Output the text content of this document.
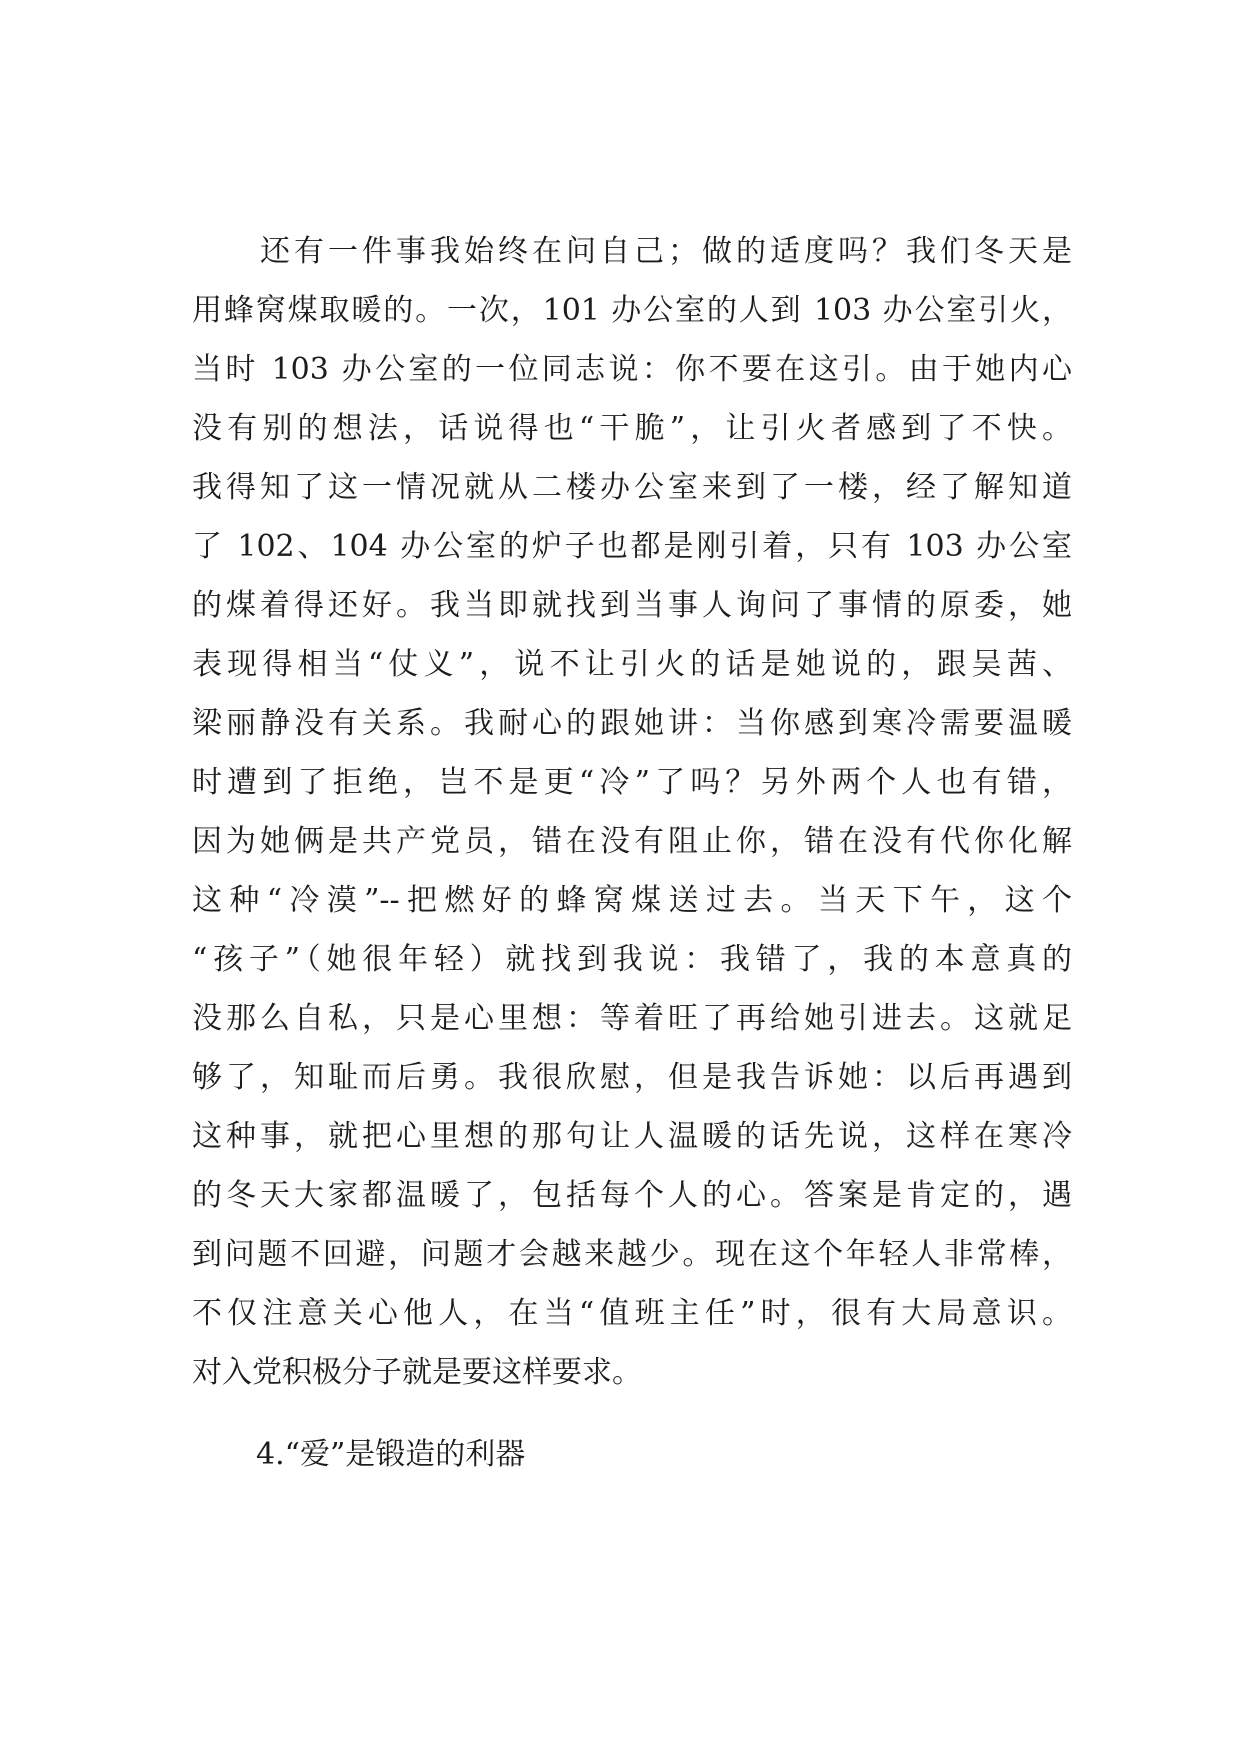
　　还有一件事我始终在问自己；做的适度吗？我们冬天是
用蜂窝煤取暖的。一次，101 办公室的人到 103 办公室引火，
当时 103 办公室的一位同志说：你不要在这引。由于她内心
没有别的想法，话说得也“干脆”，让引火者感到了不快。
我得知了这一情况就从二楼办公室来到了一楼，经了解知道
了 102、104 办公室的炉子也都是刚引着，只有 103 办公室
的煤着得还好。我当即就找到当事人询问了事情的原委，她
表现得相当“仗义”，说不让引火的话是她说的，跟吴茜、
梁丽静没有关系。我耐心的跟她讲：当你感到寒冷需要温暖
时遭到了拒绝，岂不是更“冷”了吗？另外两个人也有错，
因为她俩是共产党员，错在没有阻止你，错在没有代你化解
这种“冷漠”--把燃好的蜂窝煤送过去。当天下午，这个
“孩子”（她很年轻）就找到我说：我错了，我的本意真的
没那么自私，只是心里想：等着旺了再给她引进去。这就足
够了，知耻而后勇。我很欣慰，但是我告诉她：以后再遇到
这种事，就把心里想的那句让人温暖的话先说，这样在寒冷
的冬天大家都温暖了，包括每个人的心。答案是肯定的，遇
到问题不回避，问题才会越来越少。现在这个年轻人非常棒，
不仅注意关心他人，在当“值班主任”时，很有大局意识。
对入党积极分子就是要这样要求。

4.“爱”是锻造的利器
